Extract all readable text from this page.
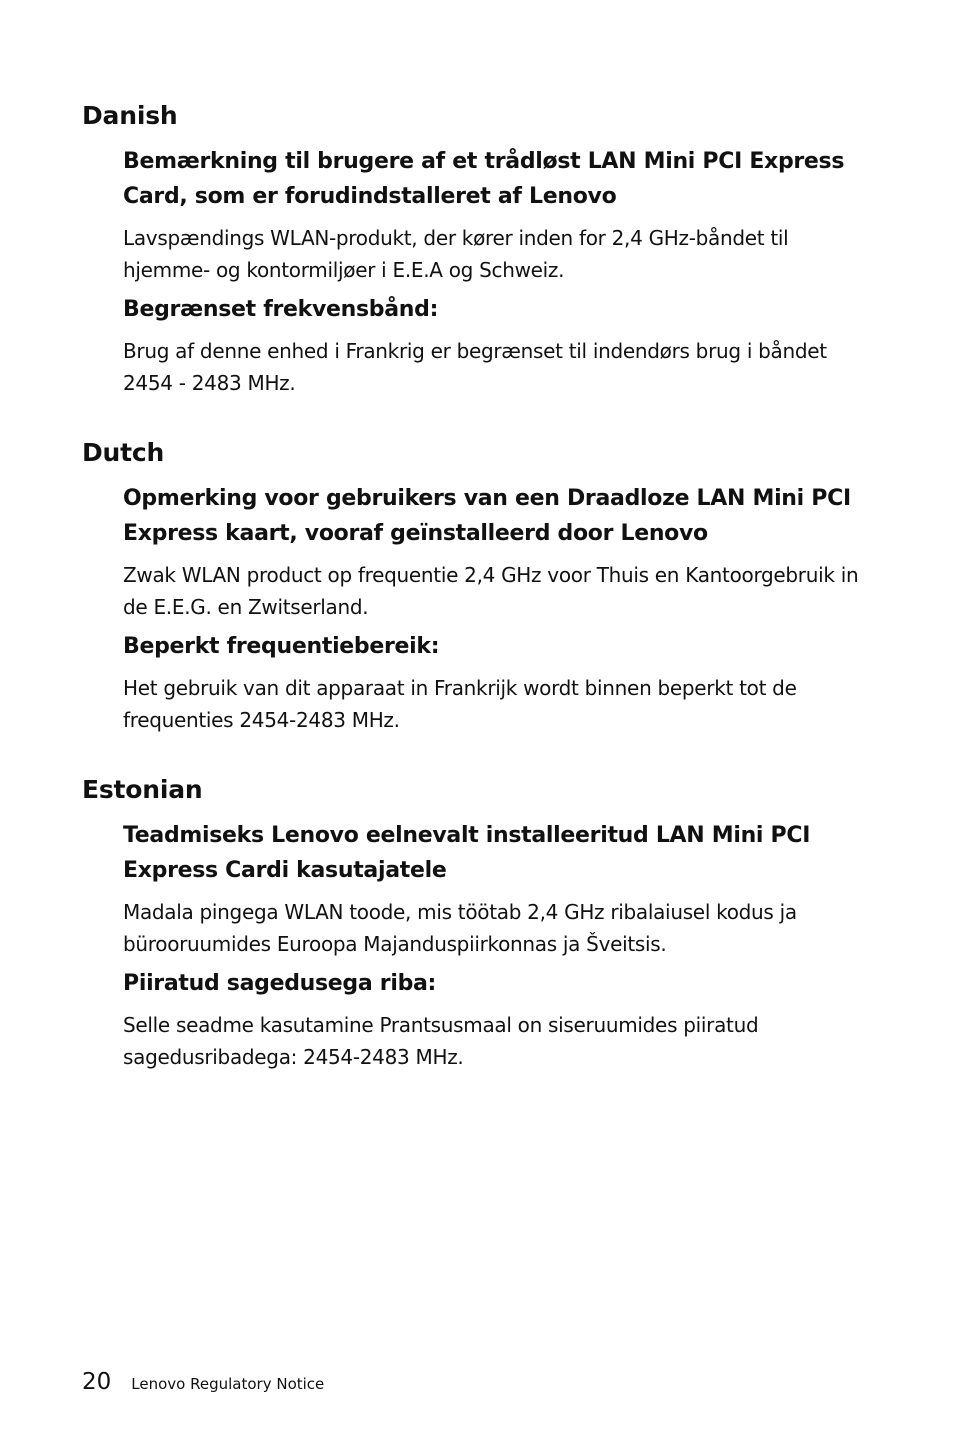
Danish
Bemærkning til brugere af et trådløst LAN Mini PCI Express Card, som er forudindstalleret af Lenovo

Lavspændings WLAN-produkt, der kører inden for 2,4 GHz-båndet til hjemme- og kontormiljøer i E.E.A og Schweiz.

Begrænset frekvensbånd:

Brug af denne enhed i Frankrig er begrænset til indendørs brug i båndet 2454 - 2483 MHz.

Dutch
Opmerking voor gebruikers van een Draadloze LAN Mini PCI Express kaart, vooraf geïnstalleerd door Lenovo

Zwak WLAN product op frequentie 2,4 GHz voor Thuis en Kantoorgebruik in de E.E.G. en Zwitserland.

Beperkt frequentiebereik:

Het gebruik van dit apparaat in Frankrijk wordt binnen beperkt tot de frequenties 2454-2483 MHz.

Estonian
Teadmiseks Lenovo eelnevalt installeeritud LAN Mini PCI Express Cardi kasutajatele

Madala pingega WLAN toode, mis töötab 2,4 GHz ribalaiusel kodus ja bürooruumides Euroopa Majanduspiirkonnas ja Šveitsis.

Piiratud sagedusega riba:

Selle seadme kasutamine Prantsusmaal on siseruumides piiratud sagedusribadega: 2454-2483 MHz.

20 Lenovo Regulatory Notice
